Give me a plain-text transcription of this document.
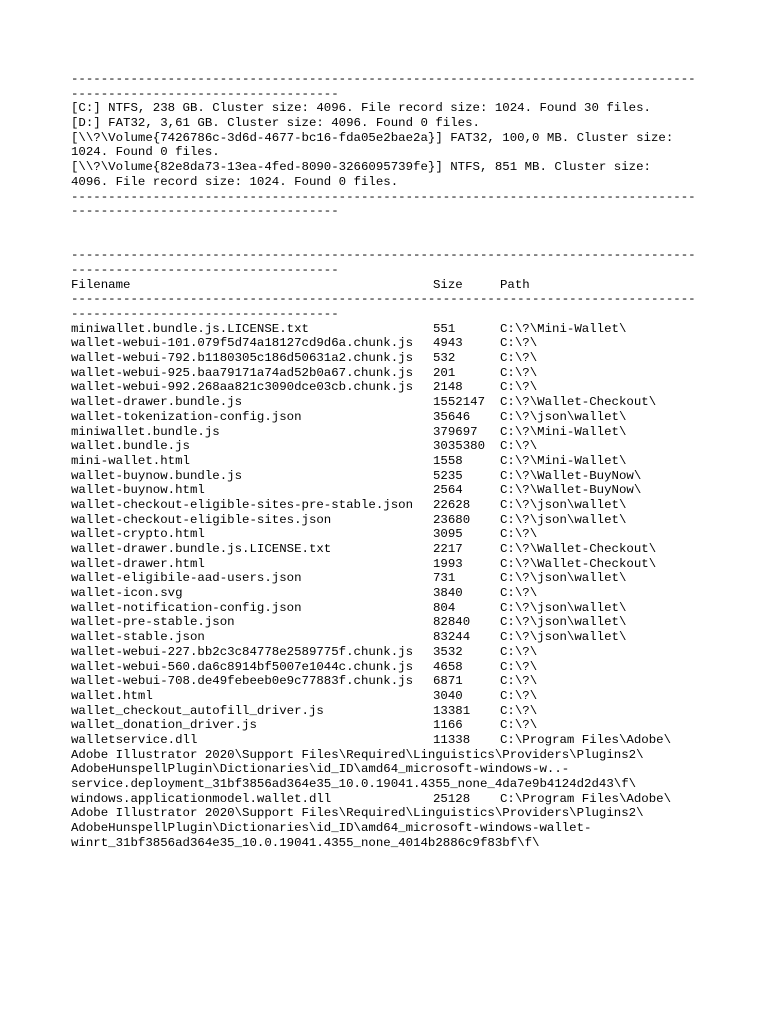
------------------------------------------------------------------------------------
------------------------------------
[C:] NTFS, 238 GB. Cluster size: 4096. File record size: 1024. Found 30 files.
[D:] FAT32, 3,61 GB. Cluster size: 4096. Found 0 files.
[\\?\Volume{7426786c-3d6d-4677-bc16-fda05e2bae2a}] FAT32, 100,0 MB. Cluster size:
1024. Found 0 files.
[\\?\Volume{82e8da73-13ea-4fed-8090-3266095739fe}] NTFS, 851 MB. Cluster size:
4096. File record size: 1024. Found 0 files.
------------------------------------------------------------------------------------
------------------------------------
------------------------------------------------------------------------------------
------------------------------------
Filename	Size	Path
------------------------------------------------------------------------------------
------------------------------------
miniwallet.bundle.js.LICENSE.txt	551	C:\?\Mini-Wallet\
wallet-webui-101.079f5d74a18127cd9d6a.chunk.js	4943	C:\?\
wallet-webui-792.b1180305c186d50631a2.chunk.js	532	C:\?\
wallet-webui-925.baa79171a74ad52b0a67.chunk.js	201	C:\?\
wallet-webui-992.268aa821c3090dce03cb.chunk.js	2148	C:\?\
wallet-drawer.bundle.js	1552147	C:\?\Wallet-Checkout\
wallet-tokenization-config.json	35646	C:\?\json\wallet\
miniwallet.bundle.js	379697	C:\?\Mini-Wallet\
wallet.bundle.js	3035380	C:\?\
mini-wallet.html	1558	C:\?\Mini-Wallet\
wallet-buynow.bundle.js	5235	C:\?\Wallet-BuyNow\
wallet-buynow.html	2564	C:\?\Wallet-BuyNow\
wallet-checkout-eligible-sites-pre-stable.json	22628	C:\?\json\wallet\
wallet-checkout-eligible-sites.json	23680	C:\?\json\wallet\
wallet-crypto.html	3095	C:\?\
wallet-drawer.bundle.js.LICENSE.txt	2217	C:\?\Wallet-Checkout\
wallet-drawer.html	1993	C:\?\Wallet-Checkout\
wallet-eligibile-aad-users.json	731	C:\?\json\wallet\
wallet-icon.svg	3840	C:\?\
wallet-notification-config.json	804	C:\?\json\wallet\
wallet-pre-stable.json	82840	C:\?\json\wallet\
wallet-stable.json	83244	C:\?\json\wallet\
wallet-webui-227.bb2c3c84778e2589775f.chunk.js	3532	C:\?\
wallet-webui-560.da6c8914bf5007e1044c.chunk.js	4658	C:\?\
wallet-webui-708.de49febeeb0e9c77883f.chunk.js	6871	C:\?\
wallet.html	3040	C:\?\
wallet_checkout_autofill_driver.js	13381	C:\?\
wallet_donation_driver.js	1166	C:\?\
walletservice.dll	11338	C:\Program Files\Adobe\
Adobe Illustrator 2020\Support Files\Required\Linguistics\Providers\Plugins2\
AdobeHunspellPlugin\Dictionaries\id_ID\amd64_microsoft-windows-w..-
service.deployment_31bf3856ad364e35_10.0.19041.4355_none_4da7e9b4124d2d43\f\
windows.applicationmodel.wallet.dll	25128	C:\Program Files\Adobe\
Adobe Illustrator 2020\Support Files\Required\Linguistics\Providers\Plugins2\
AdobeHunspellPlugin\Dictionaries\id_ID\amd64_microsoft-windows-wallet-
winrt_31bf3856ad364e35_10.0.19041.4355_none_4014b2886c9f83bf\f\
